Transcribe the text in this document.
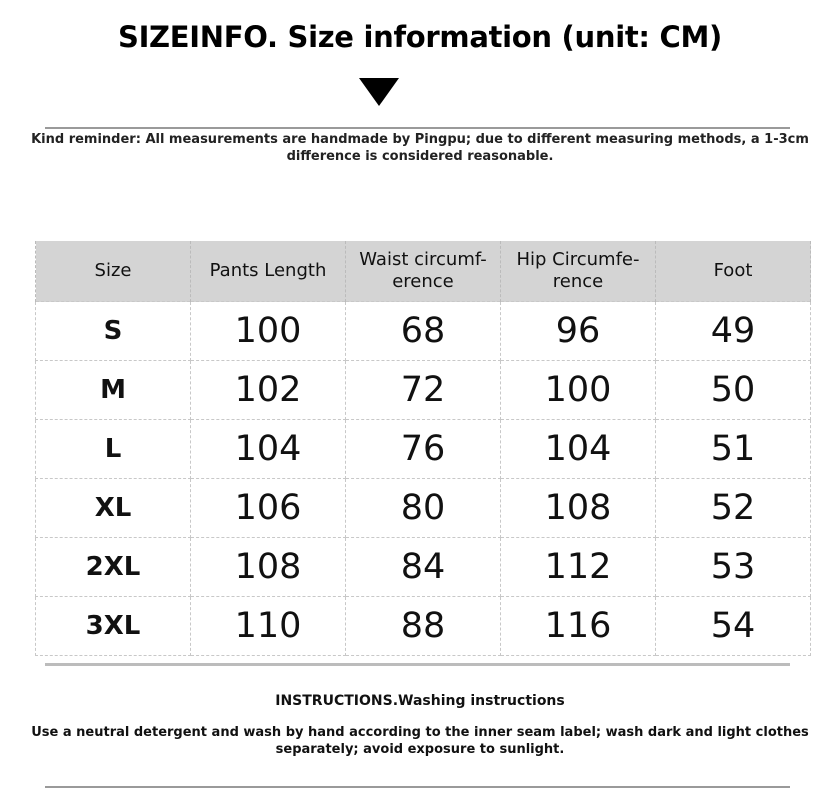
SIZEINFO. Size information (unit: CM)
Kind reminder: All measurements are handmade by Pingpu; due to different measuring methods, a 1-3cm difference is considered reasonable.
Size	Pants Length	Waist circumf- erence	Hip Circumfe- rence	Foot
S	100	68	96	49
M	102	72	100	50
L	104	76	104	51
XL	106	80	108	52
2XL	108	84	112	53
3XL	110	88	116	54
INSTRUCTIONS.Washing instructions
Use a neutral detergent and wash by hand according to the inner seam label; wash dark and light clothes separately; avoid exposure to sunlight.
